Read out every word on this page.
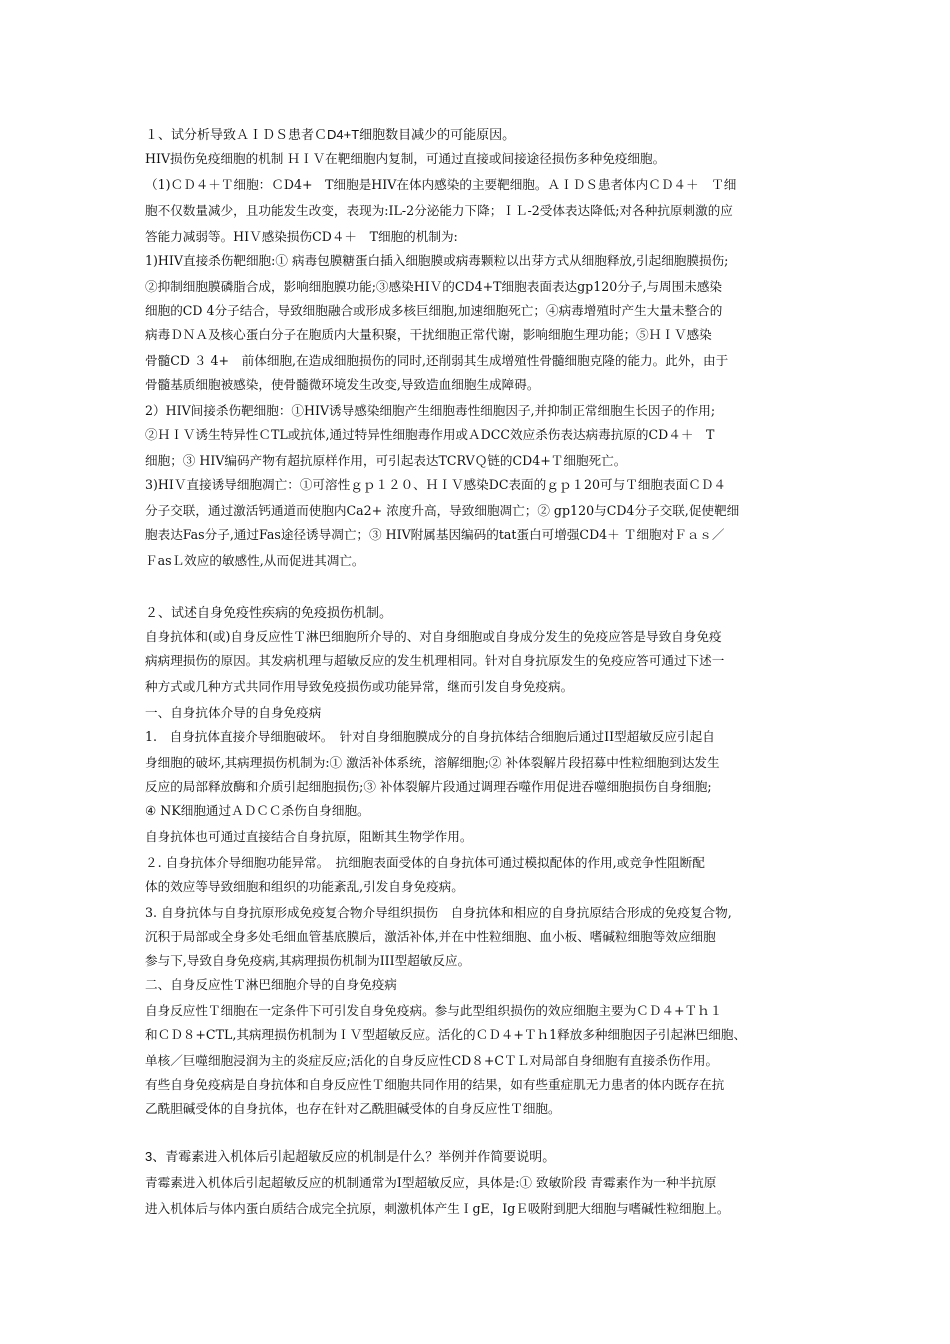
１、试分析导致ＡＩＤＳ患者ＣD4+T细胞数目减少的可能原因。
HIV损伤免疫细胞的机制 ＨＩＶ在靶细胞内复制，可通过直接或间接途径损伤多种免疫细胞。
（1)ＣＤ４＋Ｔ细胞：ＣD4+　T细胞是HIV在体内感染的主要靶细胞。ＡＩＤＳ患者体内ＣＤ４＋　Ｔ细
胞不仅数量减少，且功能发生改变，表现为:IL-2分泌能力下降；ＩＬ-2受体表达降低;对各种抗原刺激的应
答能力减弱等。HIＶ感染损伤CD４＋　T细胞的机制为:
1)HIV直接杀伤靶细胞:① 病毒包膜糖蛋白插入细胞膜或病毒颗粒以出芽方式从细胞释放,引起细胞膜损伤;
②抑制细胞膜磷脂合成，影响细胞膜功能;③感染HIＶ的CD4+T细胞表面表达gp120分子,与周围未感染
细胞的CD 4分子结合，导致细胞融合或形成多核巨细胞,加速细胞死亡；④病毒增殖时产生大量未整合的
病毒ＤＮＡ及核心蛋白分子在胞质内大量积聚，干扰细胞正常代谢，影响细胞生理功能；⑤ＨＩＶ感染
骨髓CD ３ 4+　前体细胞,在造成细胞损伤的同时,还削弱其生成增殖性骨髓细胞克隆的能力。此外，由于
骨髓基质细胞被感染，使骨髓微环境发生改变,导致造血细胞生成障碍。
2）HIV间接杀伤靶细胞：①HIV诱导感染细胞产生细胞毒性细胞因子,并抑制正常细胞生长因子的作用;
②ＨＩＶ诱生特异性ＣTL或抗体,通过特异性细胞毒作用或ＡDCC效应杀伤表达病毒抗原的CD４＋　T
细胞；③ HIV编码产物有超抗原样作用，可引起表达TCRVＱ链的CD4+Ｔ细胞死亡。
3)HIＶ直接诱导细胞凋亡：①可溶性ｇｐ１２０、ＨＩＶ感染DC表面的ｇｐ１20可与Ｔ细胞表面ＣＤ４
分子交联，通过激活钙通道而使胞内Ca2+ 浓度升高，导致细胞凋亡；② gp120与CD4分子交联,促使靶细
胞表达Fas分子,通过Fas途径诱导凋亡；③ HIV附属基因编码的tat蛋白可增强CD4＋ Ｔ细胞对Ｆａｓ／
ＦasＬ效应的敏感性,从而促进其凋亡。
２、试述自身免疫性疾病的免疫损伤机制。
自身抗体和(或)自身反应性Ｔ淋巴细胞所介导的、对自身细胞或自身成分发生的免疫应答是导致自身免疫
病病理损伤的原因。其发病机理与超敏反应的发生机理相同。针对自身抗原发生的免疫应答可通过下述一
种方式或几种方式共同作用导致免疫损伤或功能异常，继而引发自身免疫病。
一、自身抗体介导的自身免疫病
1.　自身抗体直接介导细胞破坏。　针对自身细胞膜成分的自身抗体结合细胞后通过II型超敏反应引起自
身细胞的破坏,其病理损伤机制为:① 激活补体系统，溶解细胞;② 补体裂解片段招募中性粒细胞到达发生
反应的局部释放酶和介质引起细胞损伤;③ 补体裂解片段通过调理吞噬作用促进吞噬细胞损伤自身细胞;
④ NK细胞通过ＡＤＣＣ杀伤自身细胞。
自身抗体也可通过直接结合自身抗原，阻断其生物学作用。
２. 自身抗体介导细胞功能异常。　抗细胞表面受体的自身抗体可通过模拟配体的作用,或竞争性阻断配
体的效应等导致细胞和组织的功能紊乱,引发自身免疫病。
3. 自身抗体与自身抗原形成免疫复合物介导组织损伤　自身抗体和相应的自身抗原结合形成的免疫复合物,
沉积于局部或全身多处毛细血管基底膜后，激活补体,并在中性粒细胞、血小板、嗜碱粒细胞等效应细胞
参与下,导致自身免疫病,其病理损伤机制为III型超敏反应。
二、自身反应性Ｔ淋巴细胞介导的自身免疫病
自身反应性Ｔ细胞在一定条件下可引发自身免疫病。参与此型组织损伤的效应细胞主要为ＣＤ４+Ｔｈ１
和ＣＤ８+CTL,其病理损伤机制为ＩＶ型超敏反应。活化的ＣＤ４+Ｔｈ1释放多种细胞因子引起淋巴细胞、
单核／巨噬细胞浸润为主的炎症反应;活化的自身反应性CD８+CＴＬ对局部自身细胞有直接杀伤作用。
有些自身免疫病是自身抗体和自身反应性Ｔ细胞共同作用的结果，如有些重症肌无力患者的体内既存在抗
乙酰胆碱受体的自身抗体，也存在针对乙酰胆碱受体的自身反应性Ｔ细胞。
3、青霉素进入机体后引起超敏反应的机制是什么？举例并作简要说明。
青霉素进入机体后引起超敏反应的机制通常为I型超敏反应，具体是:① 致敏阶段 青霉素作为一种半抗原
进入机体后与体内蛋白质结合成完全抗原，刺激机体产生ＩgE，IgＥ吸附到肥大细胞与嗜碱性粒细胞上。
